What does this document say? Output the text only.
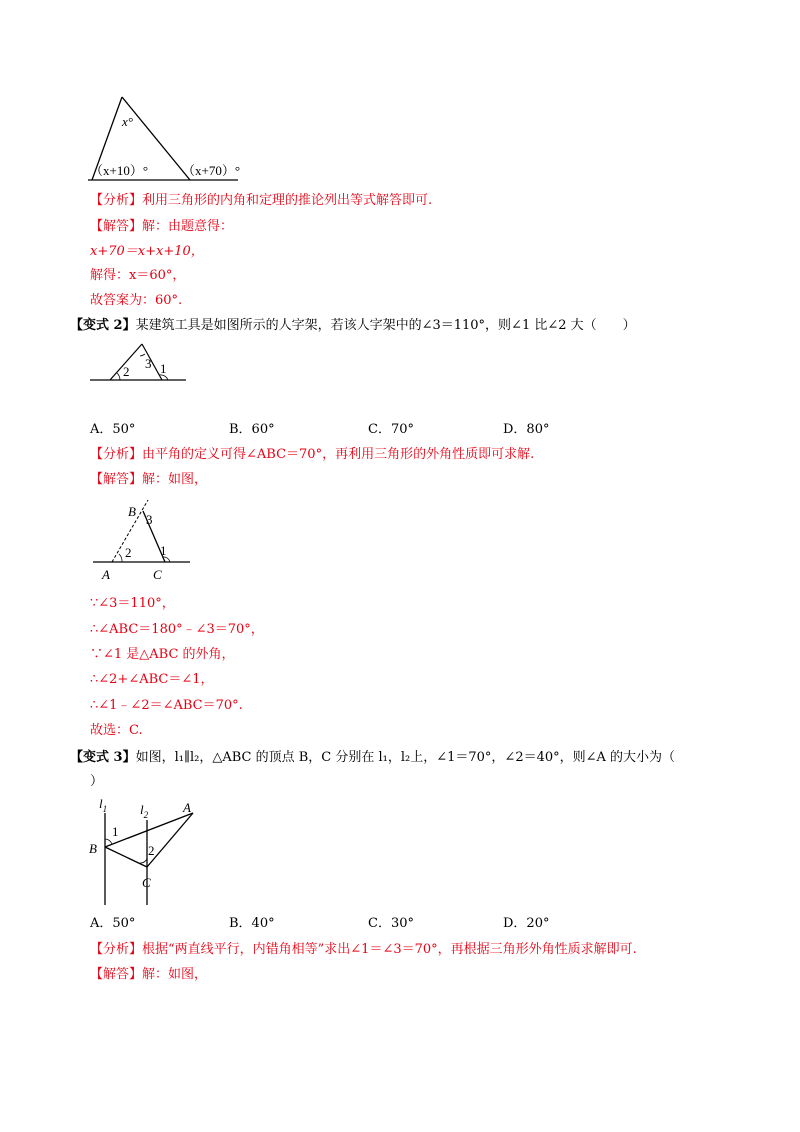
x°
（x+10）°	（x+70）°
【分析】利用三角形的内角和定理的推论列出等式解答即可.
【解答】解：由题意得：
x+70＝x+x+10，
解得：x＝60°，
故答案为：60°.
【变式 2】某建筑工具是如图所示的人字架，若该人字架中的∠3＝110°，则∠1 比∠2 大（　　）
3
2 1
A．50°	B．60°	C．70°	D．80°
【分析】由平角的定义可得∠ABC＝70°，再利用三角形的外角性质即可求解.
【解答】解：如图，
B
3
2 1
A	C
∵∠3＝110°，
∴∠ABC＝180°﹣∠3＝70°，
∵∠1 是△ABC 的外角，
∴∠2+∠ABC＝∠1，
∴∠1﹣∠2＝∠ABC＝70°.
故选：C.
【变式 3】如图，l₁∥l₂，△ABC 的顶点 B，C 分别在 l₁，l₂上，∠1＝70°，∠2＝40°，则∠A 的大小为（
）
$l_1$	$l_2$	A
B
C
1
2
A．50°	B．40°	C．30°	D．20°
【分析】根据“两直线平行，内错角相等”求出∠1＝∠3＝70°，再根据三角形外角性质求解即可.
【解答】解：如图，
